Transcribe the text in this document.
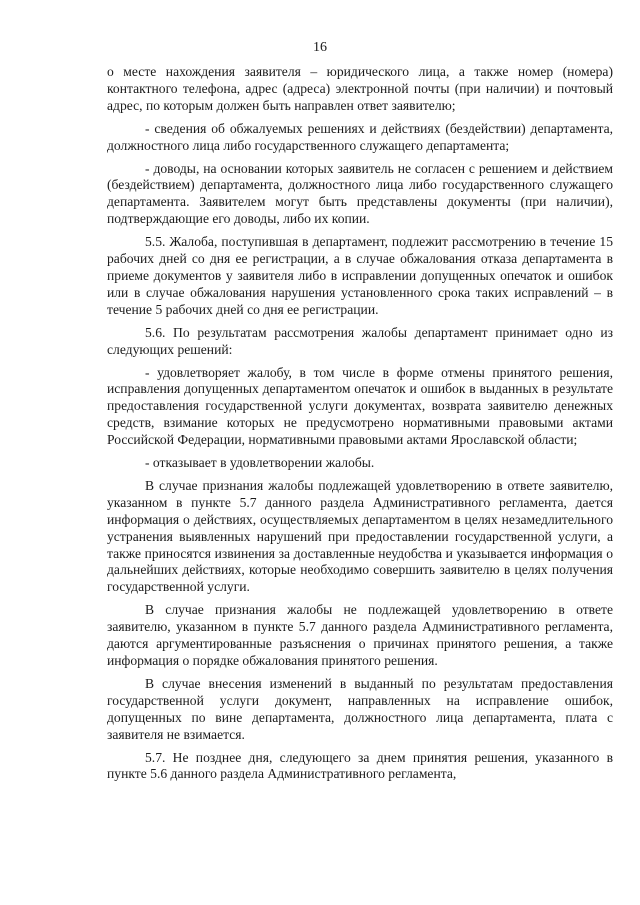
16

о месте нахождения заявителя – юридического лица, а также номер (номера) контактного телефона, адрес (адреса) электронной почты (при наличии) и почтовый адрес, по которым должен быть направлен ответ заявителю;

- сведения об обжалуемых решениях и действиях (бездействии) департамента, должностного лица либо государственного служащего департамента;

- доводы, на основании которых заявитель не согласен с решением и действием (бездействием) департамента, должностного лица либо государственного служащего департамента. Заявителем могут быть представлены документы (при наличии), подтверждающие его доводы, либо их копии.

5.5. Жалоба, поступившая в департамент, подлежит рассмотрению в течение 15 рабочих дней со дня ее регистрации, а в случае обжалования отказа департамента в приеме документов у заявителя либо в исправлении допущенных опечаток и ошибок или в случае обжалования нарушения установленного срока таких исправлений – в течение 5 рабочих дней со дня ее регистрации.

5.6. По результатам рассмотрения жалобы департамент принимает одно из следующих решений:

- удовлетворяет жалобу, в том числе в форме отмены принятого решения, исправления допущенных департаментом опечаток и ошибок в выданных в результате предоставления государственной услуги документах, возврата заявителю денежных средств, взимание которых не предусмотрено нормативными правовыми актами Российской Федерации, нормативными правовыми актами Ярославской области;

- отказывает в удовлетворении жалобы.

В случае признания жалобы подлежащей удовлетворению в ответе заявителю, указанном в пункте 5.7 данного раздела Административного регламента, дается информация о действиях, осуществляемых департаментом в целях незамедлительного устранения выявленных нарушений при предоставлении государственной услуги, а также приносятся извинения за доставленные неудобства и указывается информация о дальнейших действиях, которые необходимо совершить заявителю в целях получения государственной услуги.

В случае признания жалобы не подлежащей удовлетворению в ответе заявителю, указанном в пункте 5.7 данного раздела Административного регламента, даются аргументированные разъяснения о причинах принятого решения, а также информация о порядке обжалования принятого решения.

В случае внесения изменений в выданный по результатам предоставления государственной услуги документ, направленных на исправление ошибок, допущенных по вине департамента, должностного лица департамента, плата с заявителя не взимается.

5.7. Не позднее дня, следующего за днем принятия решения, указанного в пункте 5.6 данного раздела Административного регламента,
